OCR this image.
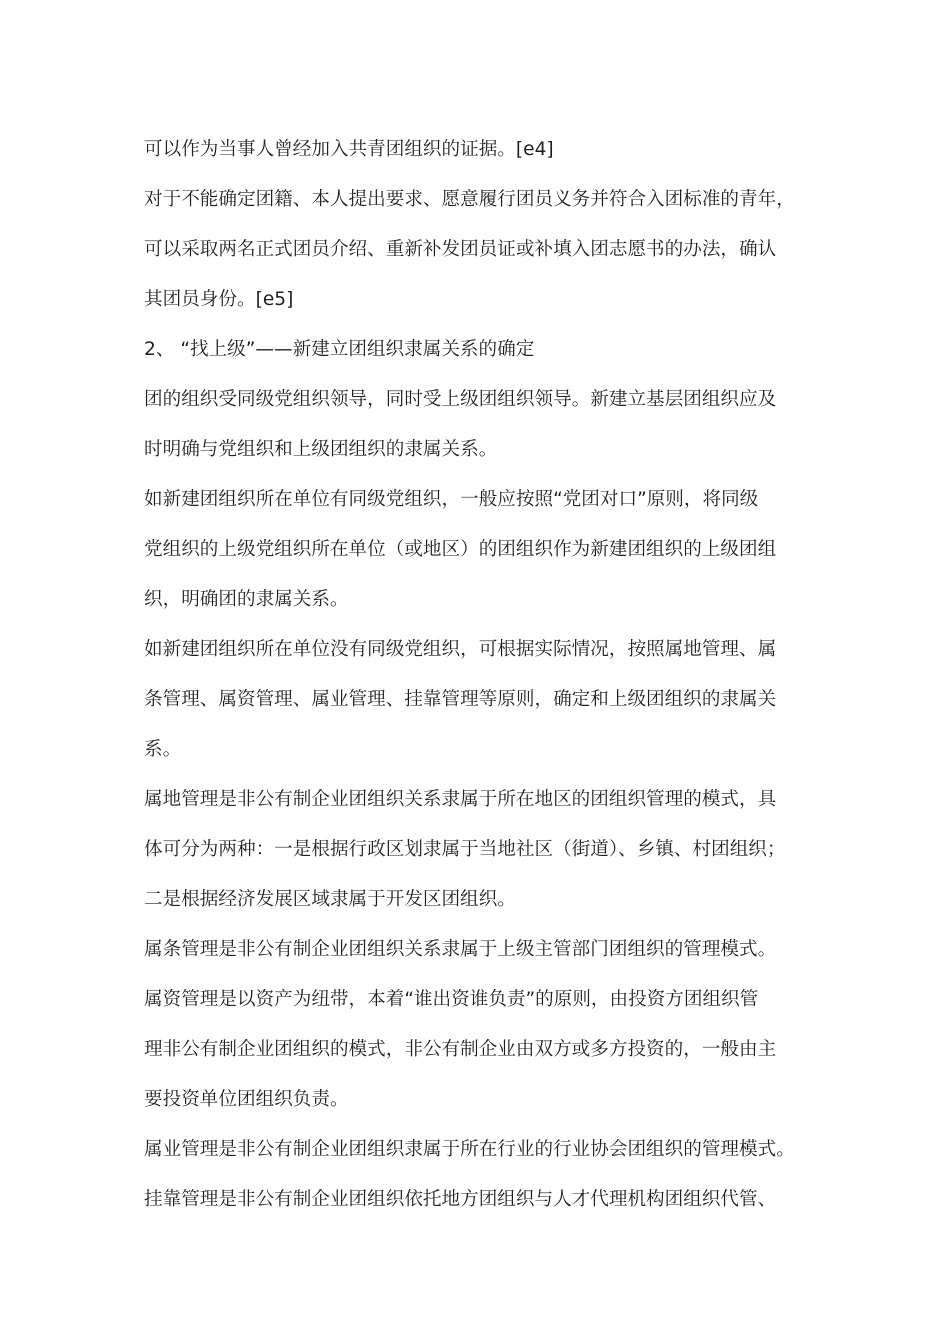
可以作为当事人曾经加入共青团组织的证据。[e4]
对于不能确定团籍、本人提出要求、愿意履行团员义务并符合入团标准的青年，
可以采取两名正式团员介绍、重新补发团员证或补填入团志愿书的办法，确认
其团员身份。[e5]
2、 “找上级”——新建立团组织隶属关系的确定
团的组织受同级党组织领导，同时受上级团组织领导。新建立基层团组织应及
时明确与党组织和上级团组织的隶属关系。
如新建团组织所在单位有同级党组织，一般应按照“党团对口”原则，将同级
党组织的上级党组织所在单位（或地区）的团组织作为新建团组织的上级团组
织，明确团的隶属关系。
如新建团组织所在单位没有同级党组织，可根据实际情况，按照属地管理、属
条管理、属资管理、属业管理、挂靠管理等原则，确定和上级团组织的隶属关
系。
属地管理是非公有制企业团组织关系隶属于所在地区的团组织管理的模式，具
体可分为两种：一是根据行政区划隶属于当地社区（街道）、乡镇、村团组织；
二是根据经济发展区域隶属于开发区团组织。
属条管理是非公有制企业团组织关系隶属于上级主管部门团组织的管理模式。
属资管理是以资产为纽带，本着“谁出资谁负责”的原则，由投资方团组织管
理非公有制企业团组织的模式，非公有制企业由双方或多方投资的，一般由主
要投资单位团组织负责。
属业管理是非公有制企业团组织隶属于所在行业的行业协会团组织的管理模式。
挂靠管理是非公有制企业团组织依托地方团组织与人才代理机构团组织代管、
